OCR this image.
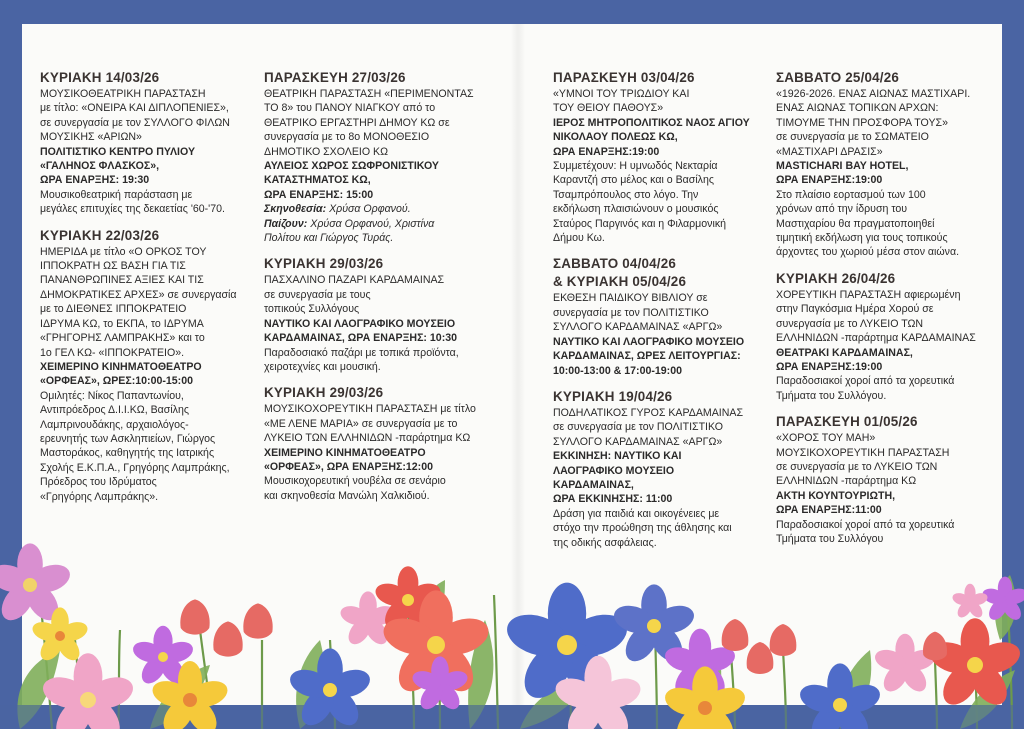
ΚΥΡΙΑΚΗ 14/03/26
ΜΟΥΣΙΚΟΘΕΑΤΡΙΚΗ ΠΑΡΑΣΤΑΣΗ
με τίτλο: «ΟΝΕΙΡΑ ΚΑΙ ΔΙΠΛΟΠΕΝΙΕΣ»,
σε συνεργασία με τον ΣΥΛΛΟΓΟ ΦΙΛΩΝ
ΜΟΥΣΙΚΗΣ «ΑΡΙΩΝ»
ΠΟΛΙΤΙΣΤΙΚΟ ΚΕΝΤΡΟ ΠΥΛΙΟΥ
«ΓΑΛΗΝΟΣ ΦΛΑΣΚΟΣ»,
ΩΡΑ ΕΝΑΡΞΗΣ: 19:30
Μουσικοθεατρική παράσταση με
μεγάλες επιτυχίες της δεκαετίας '60-'70.
ΚΥΡΙΑΚΗ 22/03/26
ΗΜΕΡΙΔΑ με τίτλο «Ο ΟΡΚΟΣ ΤΟΥ
ΙΠΠΟΚΡΑΤΗ ΩΣ ΒΑΣΗ ΓΙΑ ΤΙΣ
ΠΑΝΑΝΘΡΩΠΙΝΕΣ ΑΞΙΕΣ ΚΑΙ ΤΙΣ
ΔΗΜΟΚΡΑΤΙΚΕΣ ΑΡΧΕΣ» σε συνεργασία
με το ΔΙΕΘΝΕΣ ΙΠΠΟΚΡΑΤΕΙΟ
ΙΔΡΥΜΑ ΚΩ, το ΕΚΠΑ, το ΙΔΡΥΜΑ
«ΓΡΗΓΟΡΗΣ ΛΑΜΠΡΑΚΗΣ» και το
1ο ΓΕΛ ΚΩ- «ΙΠΠΟΚΡΑΤΕΙΟ».
ΧΕΙΜΕΡΙΝΟ ΚΙΝΗΜΑΤΟΘΕΑΤΡΟ
«ΟΡΦΕΑΣ», ΩΡΕΣ:10:00-15:00
Ομιλητές: Νίκος Παπαντωνίου,
Αντιπρόεδρος Δ.Ι.Ι.ΚΩ, Βασίλης
Λαμπρινουδάκης, αρχαιολόγος-
ερευνητής των Ασκληπιείων, Γιώργος
Μαστοράκος, καθηγητής της Ιατρικής
Σχολής Ε.Κ.Π.Α., Γρηγόρης Λαμπράκης,
Πρόεδρος του Ιδρύματος
«Γρηγόρης Λαμπράκης».
ΠΑΡΑΣΚΕΥΗ 27/03/26
ΘΕΑΤΡΙΚΗ ΠΑΡΑΣΤΑΣΗ «ΠΕΡΙΜΕΝΟΝΤΑΣ
ΤΟ 8» του ΠΑΝΟΥ ΝΙΑΓΚΟΥ από το
ΘΕΑΤΡΙΚΟ ΕΡΓΑΣΤΗΡΙ ΔΗΜΟΥ ΚΩ σε
συνεργασία με το 8ο ΜΟΝΟΘΕΣΙΟ
ΔΗΜΟΤΙΚΟ ΣΧΟΛΕΙΟ ΚΩ
ΑΥΛΕΙΟΣ ΧΩΡΟΣ ΣΩΦΡΟΝΙΣΤΙΚΟΥ
ΚΑΤΑΣΤΗΜΑΤΟΣ ΚΩ,
ΩΡΑ ΕΝΑΡΞΗΣ: 15:00
Σκηνοθεσία: Χρύσα Ορφανού.
Παίζουν: Χρύσα Ορφανού, Χριστίνα
Πολίτου και Γιώργος Τυράς.
ΚΥΡΙΑΚΗ 29/03/26
ΠΑΣΧΑΛΙΝΟ ΠΑΖΑΡΙ ΚΑΡΔΑΜΑΙΝΑΣ
σε συνεργασία με τους
τοπικούς Συλλόγους
ΝΑΥΤΙΚΟ ΚΑΙ ΛΑΟΓΡΑΦΙΚΟ ΜΟΥΣΕΙΟ
ΚΑΡΔΑΜΑΙΝΑΣ, ΩΡΑ ΕΝΑΡΞΗΣ: 10:30
Παραδοσιακό παζάρι με τοπικά προϊόντα,
χειροτεχνίες και μουσική.
ΚΥΡΙΑΚΗ 29/03/26
ΜΟΥΣΙΚΟΧΟΡΕΥΤΙΚΗ ΠΑΡΑΣΤΑΣΗ με τίτλο
«ΜΕ ΛΕΝΕ ΜΑΡΙΑ» σε συνεργασία με το
ΛΥΚΕΙΟ ΤΩΝ ΕΛΛΗΝΙΔΩΝ -παράρτημα ΚΩ
ΧΕΙΜΕΡΙΝΟ ΚΙΝΗΜΑΤΟΘΕΑΤΡΟ
«ΟΡΦΕΑΣ», ΩΡΑ ΕΝΑΡΞΗΣ:12:00
Μουσικοχορευτική νουβέλα σε σενάριο
και σκηνοθεσία Μανώλη Χαλκιδιού.
ΠΑΡΑΣΚΕΥΗ 03/04/26
«ΥΜΝΟΙ ΤΟΥ ΤΡΙΩΔΙΟΥ ΚΑΙ
ΤΟΥ ΘΕΙΟΥ ΠΑΘΟΥΣ»
ΙΕΡΟΣ ΜΗΤΡΟΠΟΛΙΤΙΚΟΣ ΝΑΟΣ ΑΓΙΟΥ
ΝΙΚΟΛΑΟΥ ΠΟΛΕΩΣ ΚΩ,
ΩΡΑ ΕΝΑΡΞΗΣ:19:00
Συμμετέχουν: Η υμνωδός Νεκταρία
Καραντζή στο μέλος και ο Βασίλης
Τσαμπρόπουλος στο λόγο. Την
εκδήλωση πλαισιώνουν ο μουσικός
Σταύρος Παργινός και η Φιλαρμονική
Δήμου Κω.
ΣΑΒΒΑΤΟ 04/04/26
& ΚΥΡΙΑΚΗ 05/04/26
ΕΚΘΕΣΗ ΠΑΙΔΙΚΟΥ ΒΙΒΛΙΟΥ σε
συνεργασία με τον ΠΟΛΙΤΙΣΤΙΚΟ
ΣΥΛΛΟΓΟ ΚΑΡΔΑΜΑΙΝΑΣ «ΑΡΓΩ»
ΝΑΥΤΙΚΟ ΚΑΙ ΛΑΟΓΡΑΦΙΚΟ ΜΟΥΣΕΙΟ
ΚΑΡΔΑΜΑΙΝΑΣ, ΩΡΕΣ ΛΕΙΤΟΥΡΓΙΑΣ:
10:00-13:00 & 17:00-19:00
ΚΥΡΙΑΚΗ 19/04/26
ΠΟΔΗΛΑΤΙΚΟΣ ΓΥΡΟΣ ΚΑΡΔΑΜΑΙΝΑΣ
σε συνεργασία με τον ΠΟΛΙΤΙΣΤΙΚΟ
ΣΥΛΛΟΓΟ ΚΑΡΔΑΜΑΙΝΑΣ «ΑΡΓΩ»
ΕΚΚΙΝΗΣΗ: ΝΑΥΤΙΚΟ ΚΑΙ
ΛΑΟΓΡΑΦΙΚΟ ΜΟΥΣΕΙΟ
ΚΑΡΔΑΜΑΙΝΑΣ,
ΩΡΑ ΕΚΚΙΝΗΣΗΣ: 11:00
Δράση για παιδιά και οικογένειες με
στόχο την προώθηση της άθλησης και
της οδικής ασφάλειας.
ΣΑΒΒΑΤΟ 25/04/26
«1926-2026. ΕΝΑΣ ΑΙΩΝΑΣ ΜΑΣΤΙΧΑΡΙ.
ΕΝΑΣ ΑΙΩΝΑΣ ΤΟΠΙΚΩΝ ΑΡΧΩΝ:
ΤΙΜΟΥΜΕ ΤΗΝ ΠΡΟΣΦΟΡΑ ΤΟΥΣ»
σε συνεργασία με το ΣΩΜΑΤΕΙΟ
«ΜΑΣΤΙΧΑΡΙ ΔΡΑΣΙΣ»
MASTICHARI BAY HOTEL,
ΩΡΑ ΕΝΑΡΞΗΣ:19:00
Στο πλαίσιο εορτασμού των 100
χρόνων από την ίδρυση του
Μαστιχαρίου θα πραγματοποιηθεί
τιμητική εκδήλωση για τους τοπικούς
άρχοντες του χωριού μέσα στον αιώνα.
ΚΥΡΙΑΚΗ 26/04/26
ΧΟΡΕΥΤΙΚΗ ΠΑΡΑΣΤΑΣΗ αφιερωμένη
στην Παγκόσμια Ημέρα Χορού σε
συνεργασία με το ΛΥΚΕΙΟ ΤΩΝ
ΕΛΛΗΝΙΔΩΝ -παράρτημα ΚΑΡΔΑΜΑΙΝΑΣ
ΘΕΑΤΡΑΚΙ ΚΑΡΔΑΜΑΙΝΑΣ,
ΩΡΑ ΕΝΑΡΞΗΣ:19:00
Παραδοσιακοί χοροί από τα χορευτικά
Τμήματα του Συλλόγου.
ΠΑΡΑΣΚΕΥΗ 01/05/26
«ΧΟΡΟΣ ΤΟΥ ΜΑΗ»
ΜΟΥΣΙΚΟΧΟΡΕΥΤΙΚΗ ΠΑΡΑΣΤΑΣΗ
σε συνεργασία με το ΛΥΚΕΙΟ ΤΩΝ
ΕΛΛΗΝΙΔΩΝ -παράρτημα ΚΩ
ΑΚΤΗ ΚΟΥΝΤΟΥΡΙΩΤΗ,
ΩΡΑ ΕΝΑΡΞΗΣ:11:00
Παραδοσιακοί χοροί από τα χορευτικά
Τμήματα του Συλλόγου
